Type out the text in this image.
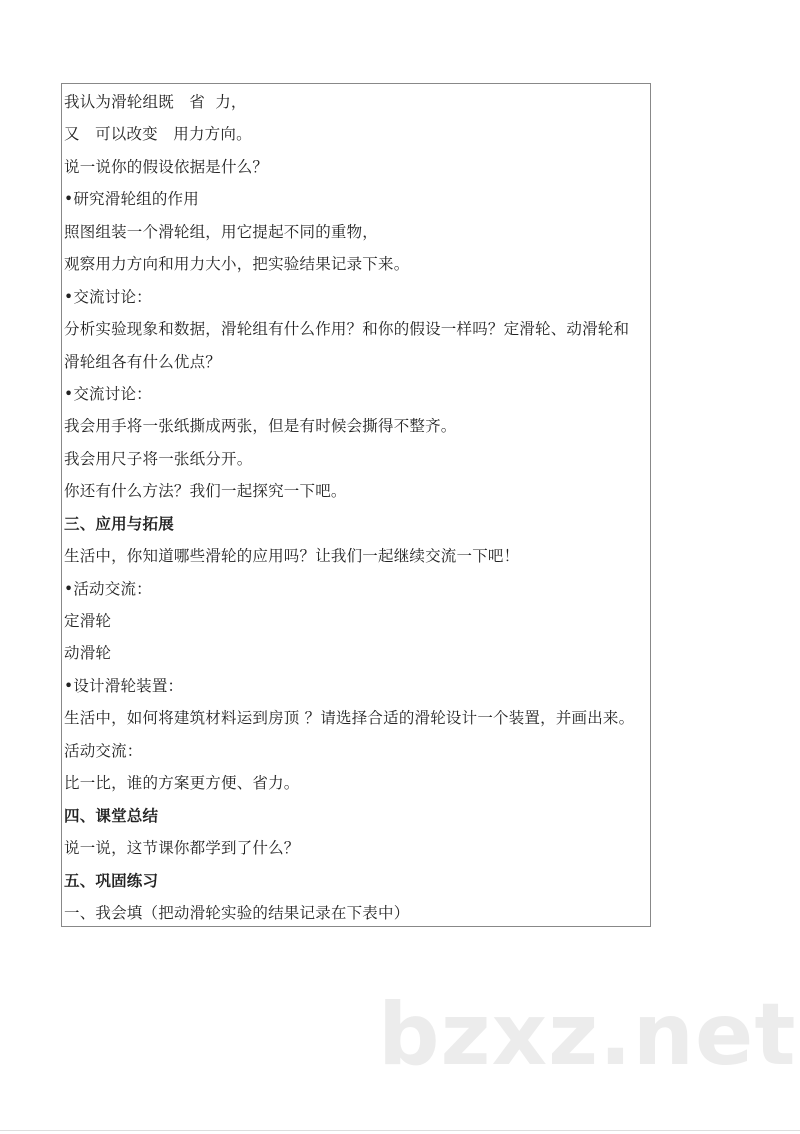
我认为滑轮组既   省  力，
又   可以改变   用力方向。
说一说你的假设依据是什么？
•研究滑轮组的作用
照图组装一个滑轮组，用它提起不同的重物，
观察用力方向和用力大小，把实验结果记录下来。
•交流讨论：
分析实验现象和数据，滑轮组有什么作用？和你的假设一样吗？定滑轮、动滑轮和
滑轮组各有什么优点？
•交流讨论：
我会用手将一张纸撕成两张，但是有时候会撕得不整齐。
我会用尺子将一张纸分开。
你还有什么方法？我们一起探究一下吧。
三、应用与拓展
生活中，你知道哪些滑轮的应用吗？让我们一起继续交流一下吧！
•活动交流：
定滑轮
动滑轮
•设计滑轮装置：
生活中，如何将建筑材料运到房顶 ？请选择合适的滑轮设计一个装置，并画出来。
活动交流：
比一比，谁的方案更方便、省力。
四、课堂总结
说一说，这节课你都学到了什么？
五、巩固练习
一、我会填（把动滑轮实验的结果记录在下表中）
bzxz.net
